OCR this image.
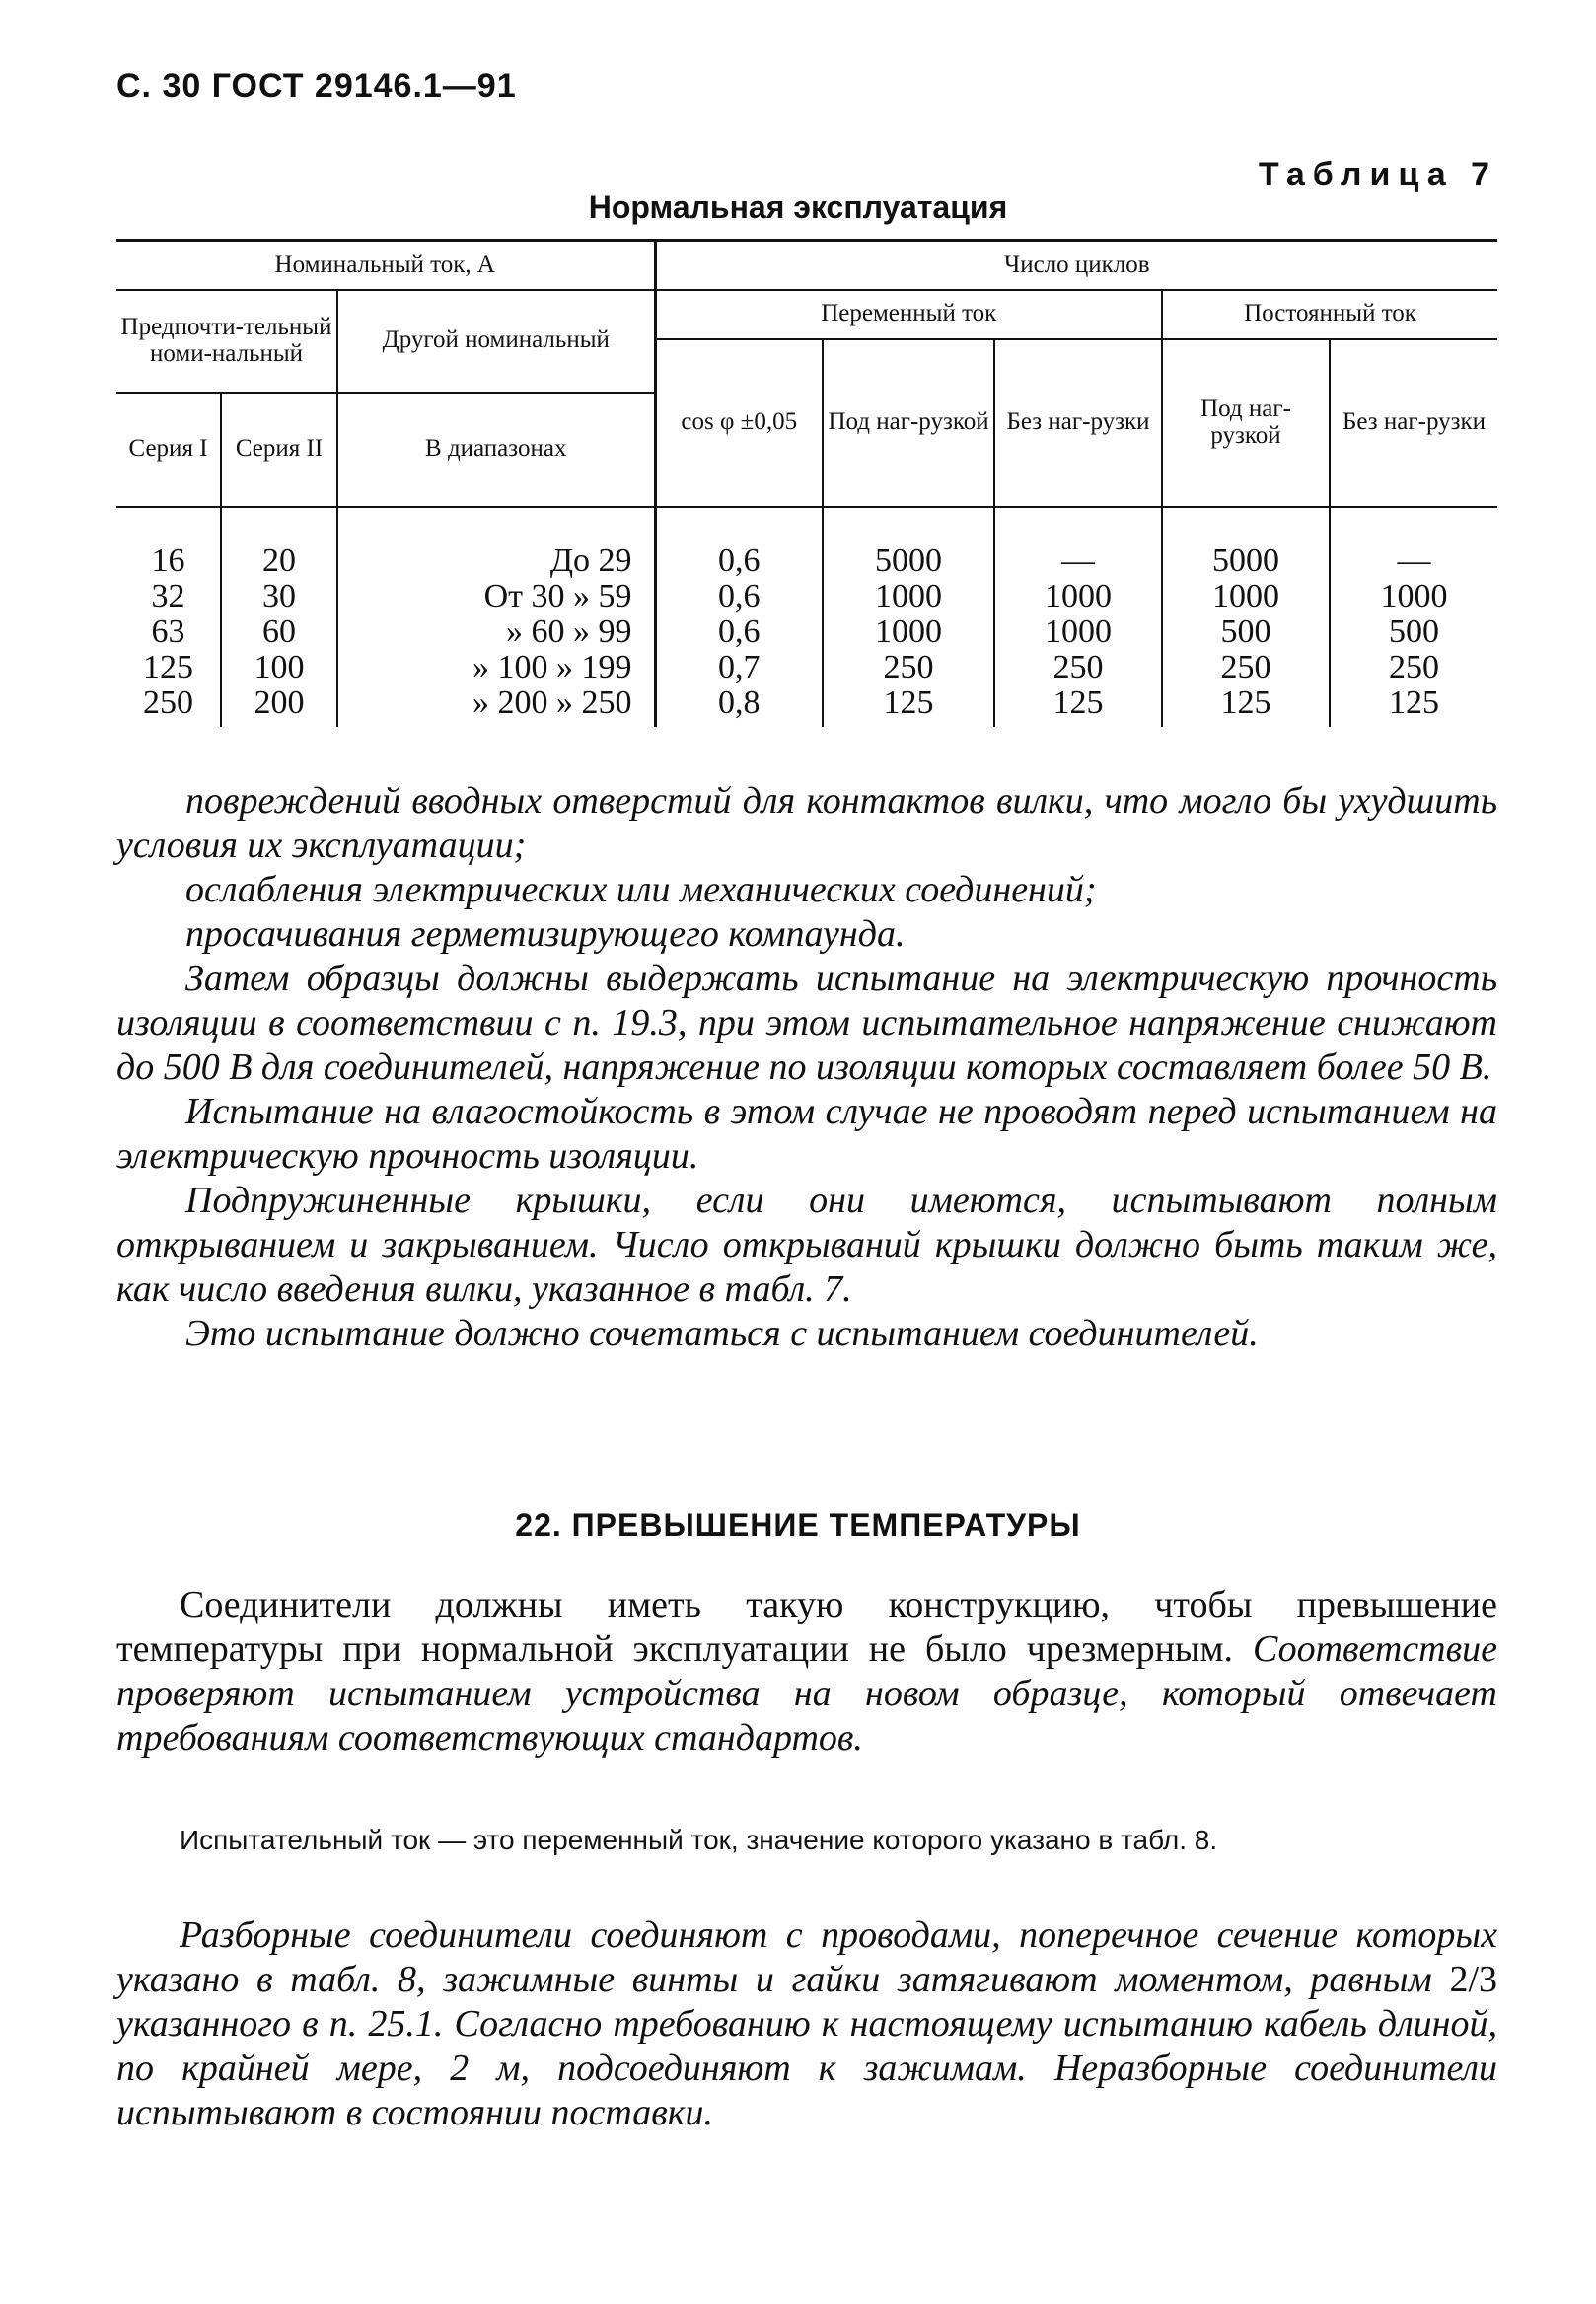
С. 30 ГОСТ 29146.1—91
Таблица 7
Нормальная эксплуатация
Номинальный ток, А			Число циклов				
Предпочти-тельный номи-нальный		Другой номинальный	Переменный ток			Постоянный ток	
			cos φ ±0,05	Под наг-рузкой	Без наг-рузки	Под наг-рузкой	Без наг-рузки
Серия I	Серия II	В диапазонах					
16	20	До 29	0,6	5000	—	5000	—
32	30	От 30 » 59	0,6	1000	1000	1000	1000
63	60	» 60 » 99	0,6	1000	1000	500	500
125	100	» 100 » 199	0,7	250	250	250	250
250	200	» 200 » 250	0,8	125	125	125	125

повреждений вводных отверстий для контактов вилки, что могло бы ухудшить условия их эксплуатации;

ослабления электрических или механических соединений;

просачивания герметизирующего компаунда.

Затем образцы должны выдержать испытание на электрическую прочность изоляции в соответствии с п. 19.3, при этом испытательное напряжение снижают до 500 В для соединителей, напряжение по изоляции которых составляет более 50 В.

Испытание на влагостойкость в этом случае не проводят перед испытанием на электрическую прочность изоляции.

Подпружиненные крышки, если они имеются, испытывают полным открыванием и закрыванием. Число открываний крышки должно быть таким же, как число введения вилки, указанное в табл. 7.

Это испытание должно сочетаться с испытанием соединителей.

22. ПРЕВЫШЕНИЕ ТЕМПЕРАТУРЫ

Соединители должны иметь такую конструкцию, чтобы превышение температуры при нормальной эксплуатации не было чрезмерным. Соответствие проверяют испытанием устройства на новом образце, который отвечает требованиям соответствующих стандартов.

Испытательный ток — это переменный ток, значение которого указано в табл. 8.

Разборные соединители соединяют с проводами, поперечное сечение которых указано в табл. 8, зажимные винты и гайки затягивают моментом, равным 2/3 указанного в п. 25.1. Согласно требованию к настоящему испытанию кабель длиной, по крайней мере, 2 м, подсоединяют к зажимам. Неразборные соединители испытывают в состоянии поставки.
